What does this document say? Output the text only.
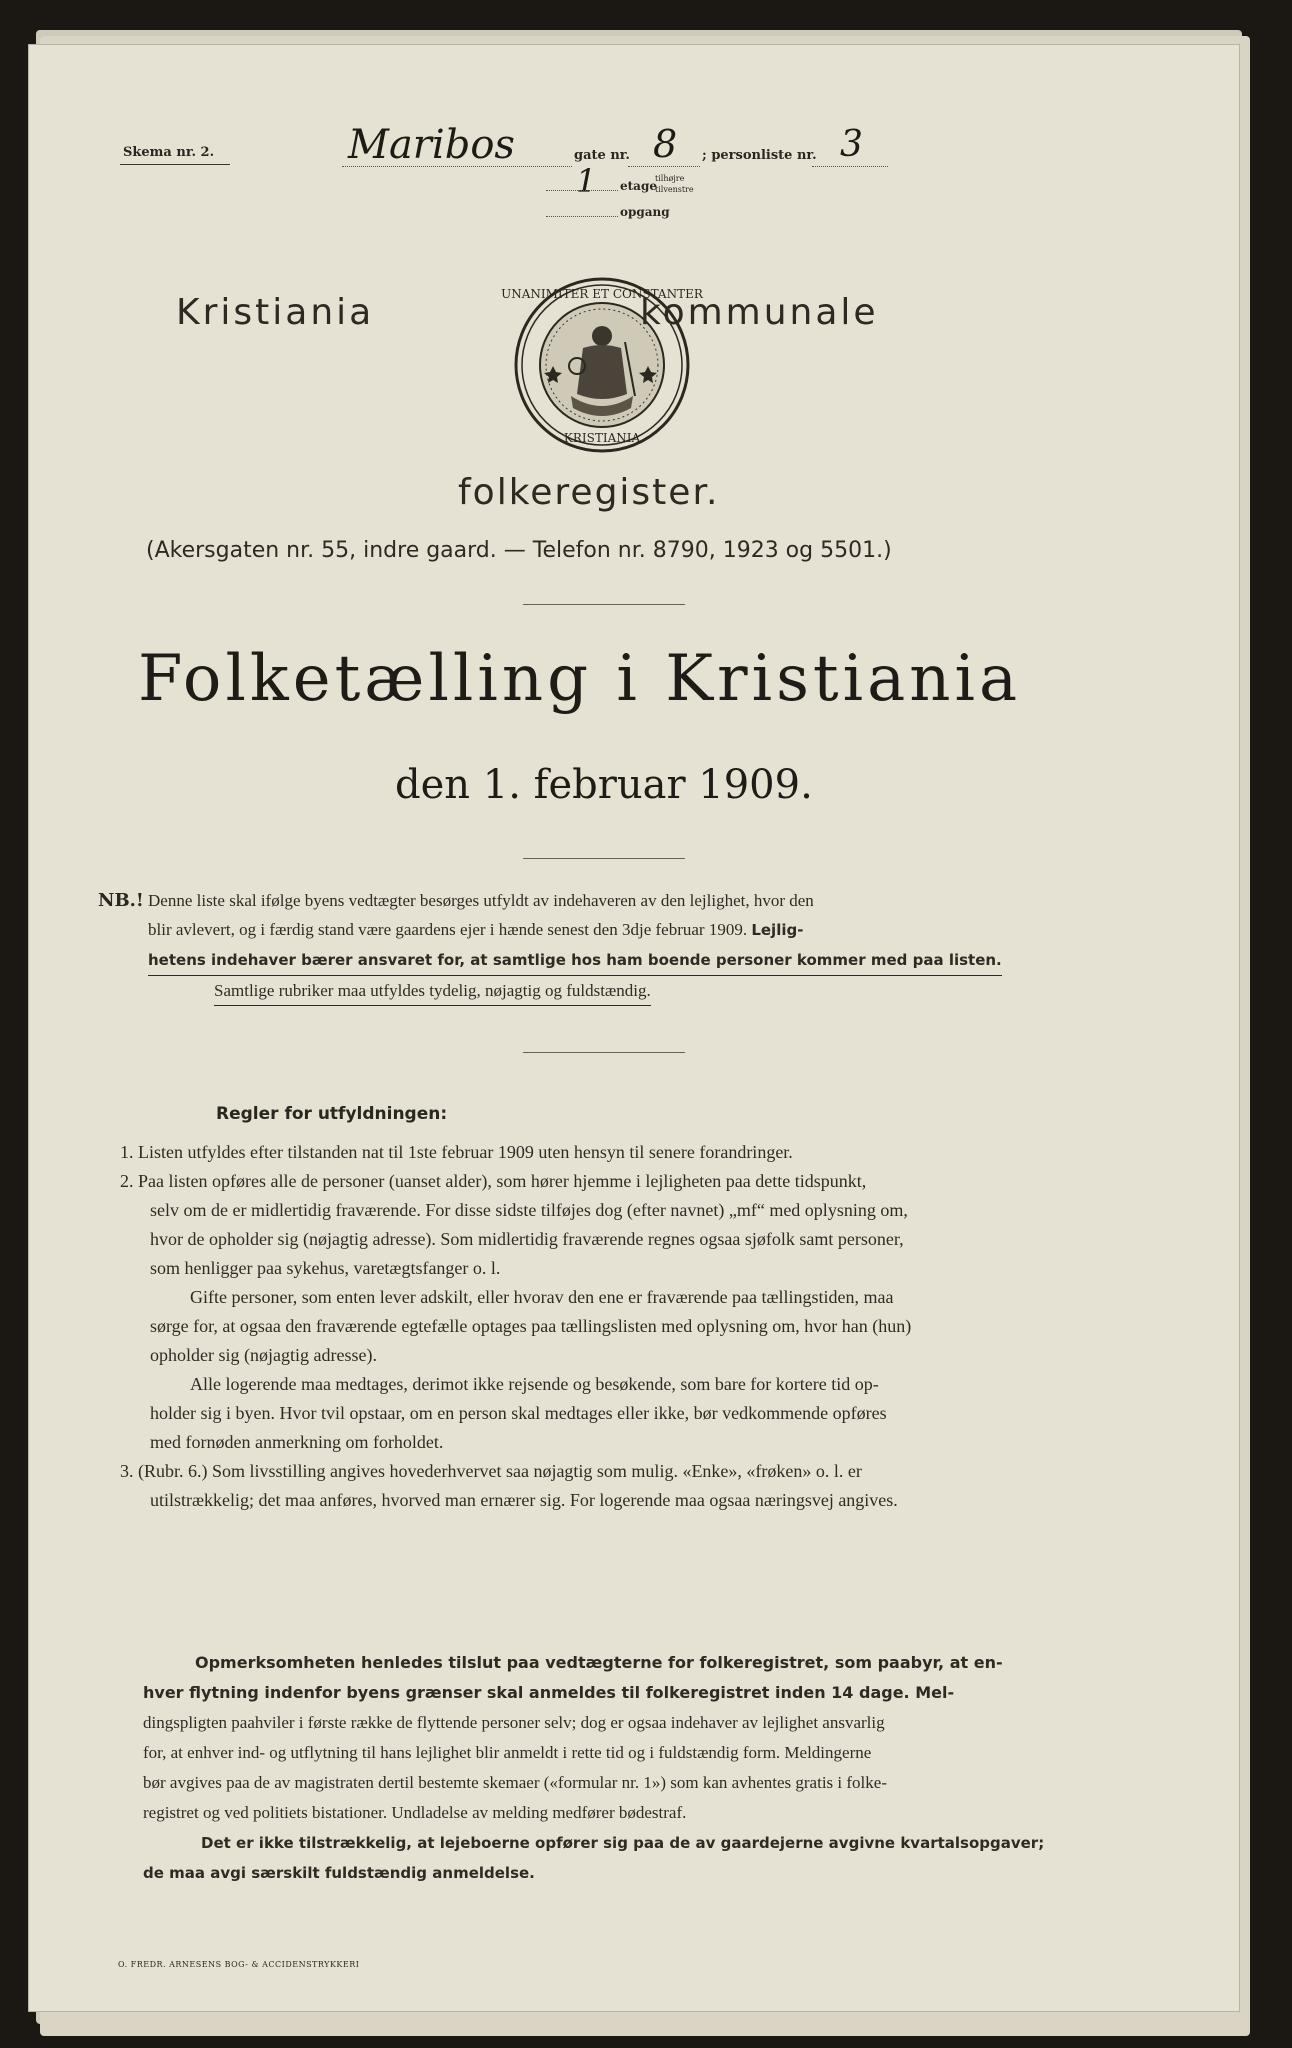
Skema nr. 2.	Maribos	gate nr. 8 ; personliste nr. 3
1 etage
tilhøjre
tilvenstre
opgang
Kristiania	UNANIMITER ET CONSTANTER
KRISTIANIA
kommunale
folkeregister.
(Akersgaten nr. 55, indre gaard. — Telefon nr. 8790, 1923 og 5501.)
Folketælling i Kristiania
den 1. februar 1909.
NB.! Denne liste skal ifølge byens vedtægter besørges utfyldt av indehaveren av den lejlighet, hvor den
blir avlevert, og i færdig stand være gaardens ejer i hænde senest den 3dje februar 1909. Lejlig-
hetens indehaver bærer ansvaret for, at samtlige hos ham boende personer kommer med paa listen. Samtlige rubriker maa utfyldes tydelig, nøjagtig og fuldstændig.
Regler for utfyldningen:
1. Listen utfyldes efter tilstanden nat til 1ste februar 1909 uten hensyn til senere forandringer.
2. Paa listen opføres alle de personer (uanset alder), som hører hjemme i lejligheten paa dette tidspunkt,
selv om de er midlertidig fraværende. For disse sidste tilføjes dog (efter navnet) „mf“ med oplysning om,
hvor de opholder sig (nøjagtig adresse). Som midlertidig fraværende regnes ogsaa sjøfolk samt personer,
som henligger paa sykehus, varetægtsfanger o. l.
Gifte personer, som enten lever adskilt, eller hvorav den ene er fraværende paa tællingstiden, maa
sørge for, at ogsaa den fraværende egtefælle optages paa tællingslisten med oplysning om, hvor han (hun)
opholder sig (nøjagtig adresse).
Alle logerende maa medtages, derimot ikke rejsende og besøkende, som bare for kortere tid op-
holder sig i byen. Hvor tvil opstaar, om en person skal medtages eller ikke, bør vedkommende opføres
med fornøden anmerkning om forholdet.
3. (Rubr. 6.) Som livsstilling angives hovederhvervet saa nøjagtig som mulig. «Enke», «frøken» o. l. er
utilstrækkelig; det maa anføres, hvorved man ernærer sig. For logerende maa ogsaa næringsvej angives.
Opmerksomheten henledes tilslut paa vedtægterne for folkeregistret, som paabyr, at en-
hver flytning indenfor byens grænser skal anmeldes til folkeregistret inden 14 dage. Mel-
dingspligten paahviler i første række de flyttende personer selv; dog er ogsaa indehaver av lejlighet ansvarlig
for, at enhver ind- og utflytning til hans lejlighet blir anmeldt i rette tid og i fuldstændig form. Meldingerne
bør avgives paa de av magistraten dertil bestemte skemaer («formular nr. 1») som kan avhentes gratis i folke-
registret og ved politiets bistationer. Undladelse av melding medfører bødestraf.
Det er ikke tilstrækkelig, at lejeboerne opfører sig paa de av gaardejerne avgivne kvartalsopgaver;
de maa avgi særskilt fuldstændig anmeldelse.
O. FREDR. ARNESENS BOG- & ACCIDENSTRYKKERI
